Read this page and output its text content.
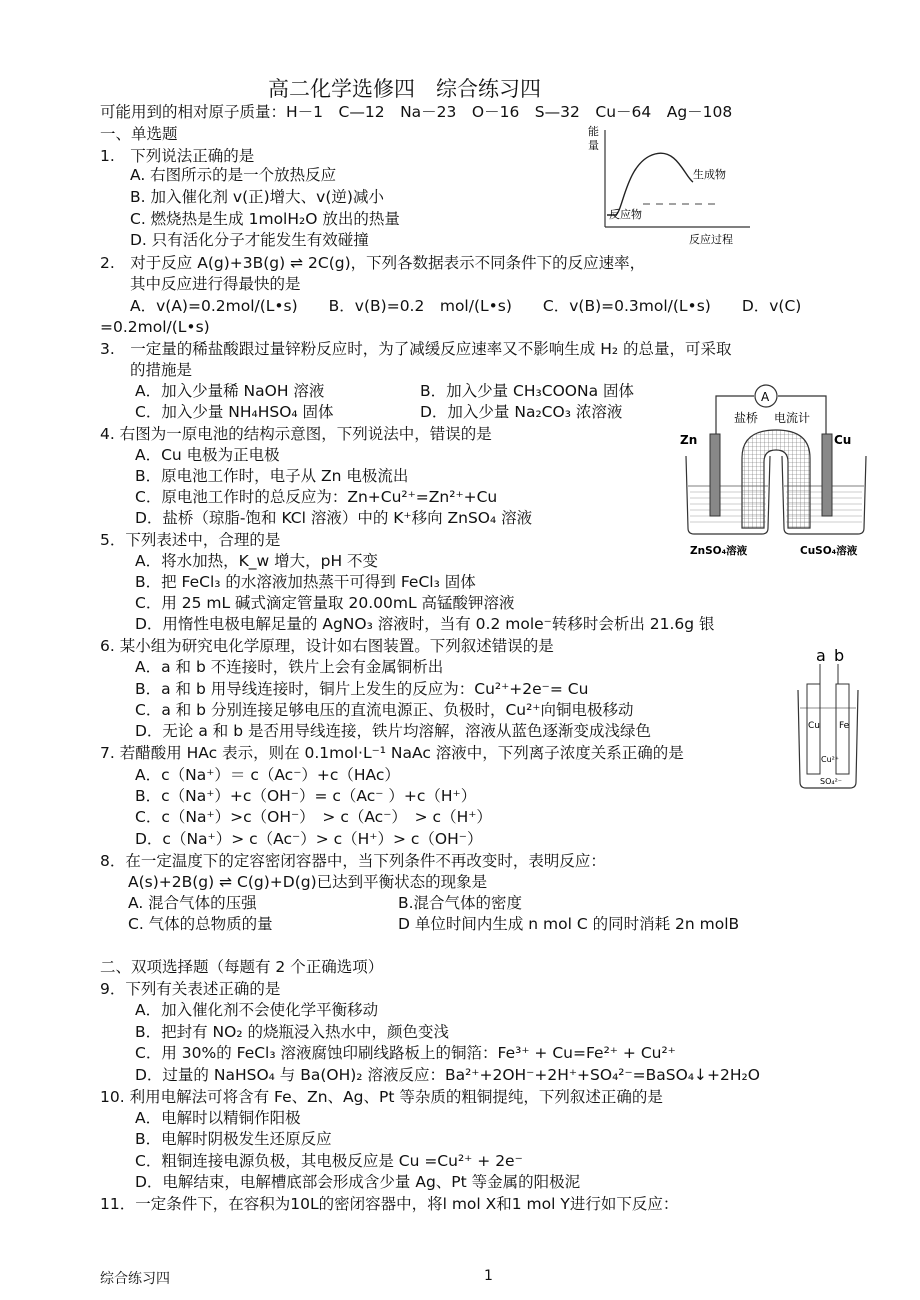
高二化学选修四　综合练习四
可能用到的相对原子质量：H－1　C—12　Na－23　O－16　S—32　Cu－64　Ag－108
一、单选题
1.　下列说法正确的是
A. 右图所示的是一个放热反应
B. 加入催化剂 v(正)增大、v(逆)减小
C. 燃烧热是生成 1molH₂O 放出的热量
D. 只有活化分子才能发生有效碰撞
能
量
生成物
反应物
反应过程
2.　对于反应 A(g)+3B(g) ⇌ 2C(g)，下列各数据表示不同条件下的反应速率，
其中反应进行得最快的是
A．v(A)=0.2mol/(L•s)　　B．v(B)=0.2　mol/(L•s)　　C．v(B)=0.3mol/(L•s)　　D．v(C)
=0.2mol/(L•s)
3.　一定量的稀盐酸跟过量锌粉反应时，为了减缓反应速率又不影响生成 H₂ 的总量，可采取
的措施是
A．加入少量稀 NaOH 溶液	B．加入少量 CH₃COONa 固体
C．加入少量 NH₄HSO₄ 固体	D．加入少量 Na₂CO₃ 浓溶液
A
盐桥 电流计
Zn	Cu
ZnSO₄溶液	CuSO₄溶液
4. 右图为一原电池的结构示意图，下列说法中，错误的是
A．Cu 电极为正电极
B．原电池工作时，电子从 Zn 电极流出
C．原电池工作时的总反应为：Zn+Cu²⁺=Zn²⁺+Cu
D．盐桥（琼脂-饱和 KCl 溶液）中的 K⁺移向 ZnSO₄ 溶液
5．下列表述中，合理的是
A．将水加热，K_w 增大，pH 不变
B．把 FeCl₃ 的水溶液加热蒸干可得到 FeCl₃ 固体
C．用 25 mL 碱式滴定管量取 20.00mL 高锰酸钾溶液
D．用惰性电极电解足量的 AgNO₃ 溶液时，当有 0.2 mole⁻转移时会析出 21.6g 银
6. 某小组为研究电化学原理，设计如右图装置。下列叙述错误的是
A．a 和 b 不连接时，铁片上会有金属铜析出
B．a 和 b 用导线连接时，铜片上发生的反应为：Cu²⁺+2e⁻= Cu
C．a 和 b 分别连接足够电压的直流电源正、负极时，Cu²⁺向铜电极移动
D．无论 a 和 b 是否用导线连接，铁片均溶解，溶液从蓝色逐渐变成浅绿色
a b
Cu Fe
Cu²⁺
SO₄²⁻
7. 若醋酸用 HAc 表示，则在 0.1mol·L⁻¹ NaAc 溶液中，下列离子浓度关系正确的是
A．c（Na⁺）＝ c（Ac⁻）+c（HAc）
B．c（Na⁺）+c（OH⁻）= c（Ac⁻ ）+c（H⁺）
C．c（Na⁺）>c（OH⁻）　> c（Ac⁻）　> c（H⁺）
D．c（Na⁺）> c（Ac⁻）> c（H⁺）> c（OH⁻）
8．在一定温度下的定容密闭容器中，当下列条件不再改变时，表明反应：
A(s)+2B(g) ⇌ C(g)+D(g)已达到平衡状态的现象是
A. 混合气体的压强	B.混合气体的密度
C. 气体的总物质的量	D 单位时间内生成 n mol C 的同时消耗 2n molB
二、双项选择题（每题有 2 个正确选项）
9．下列有关表述正确的是
A．加入催化剂不会使化学平衡移动
B．把封有 NO₂ 的烧瓶浸入热水中，颜色变浅
C．用 30%的 FeCl₃ 溶液腐蚀印刷线路板上的铜箔：Fe³⁺ + Cu=Fe²⁺ + Cu²⁺
D．过量的 NaHSO₄ 与 Ba(OH)₂ 溶液反应：Ba²⁺+2OH⁻+2H⁺+SO₄²⁻=BaSO₄↓+2H₂O
10. 利用电解法可将含有 Fe、Zn、Ag、Pt 等杂质的粗铜提纯，下列叙述正确的是
A．电解时以精铜作阳极
B．电解时阴极发生还原反应
C．粗铜连接电源负极，其电极反应是 Cu =Cu²⁺ + 2e⁻
D．电解结束，电解槽底部会形成含少量 Ag、Pt 等金属的阳极泥
11．一定条件下，在容积为10L的密闭容器中，将l mol X和1 mol Y进行如下反应：
综合练习四	1
